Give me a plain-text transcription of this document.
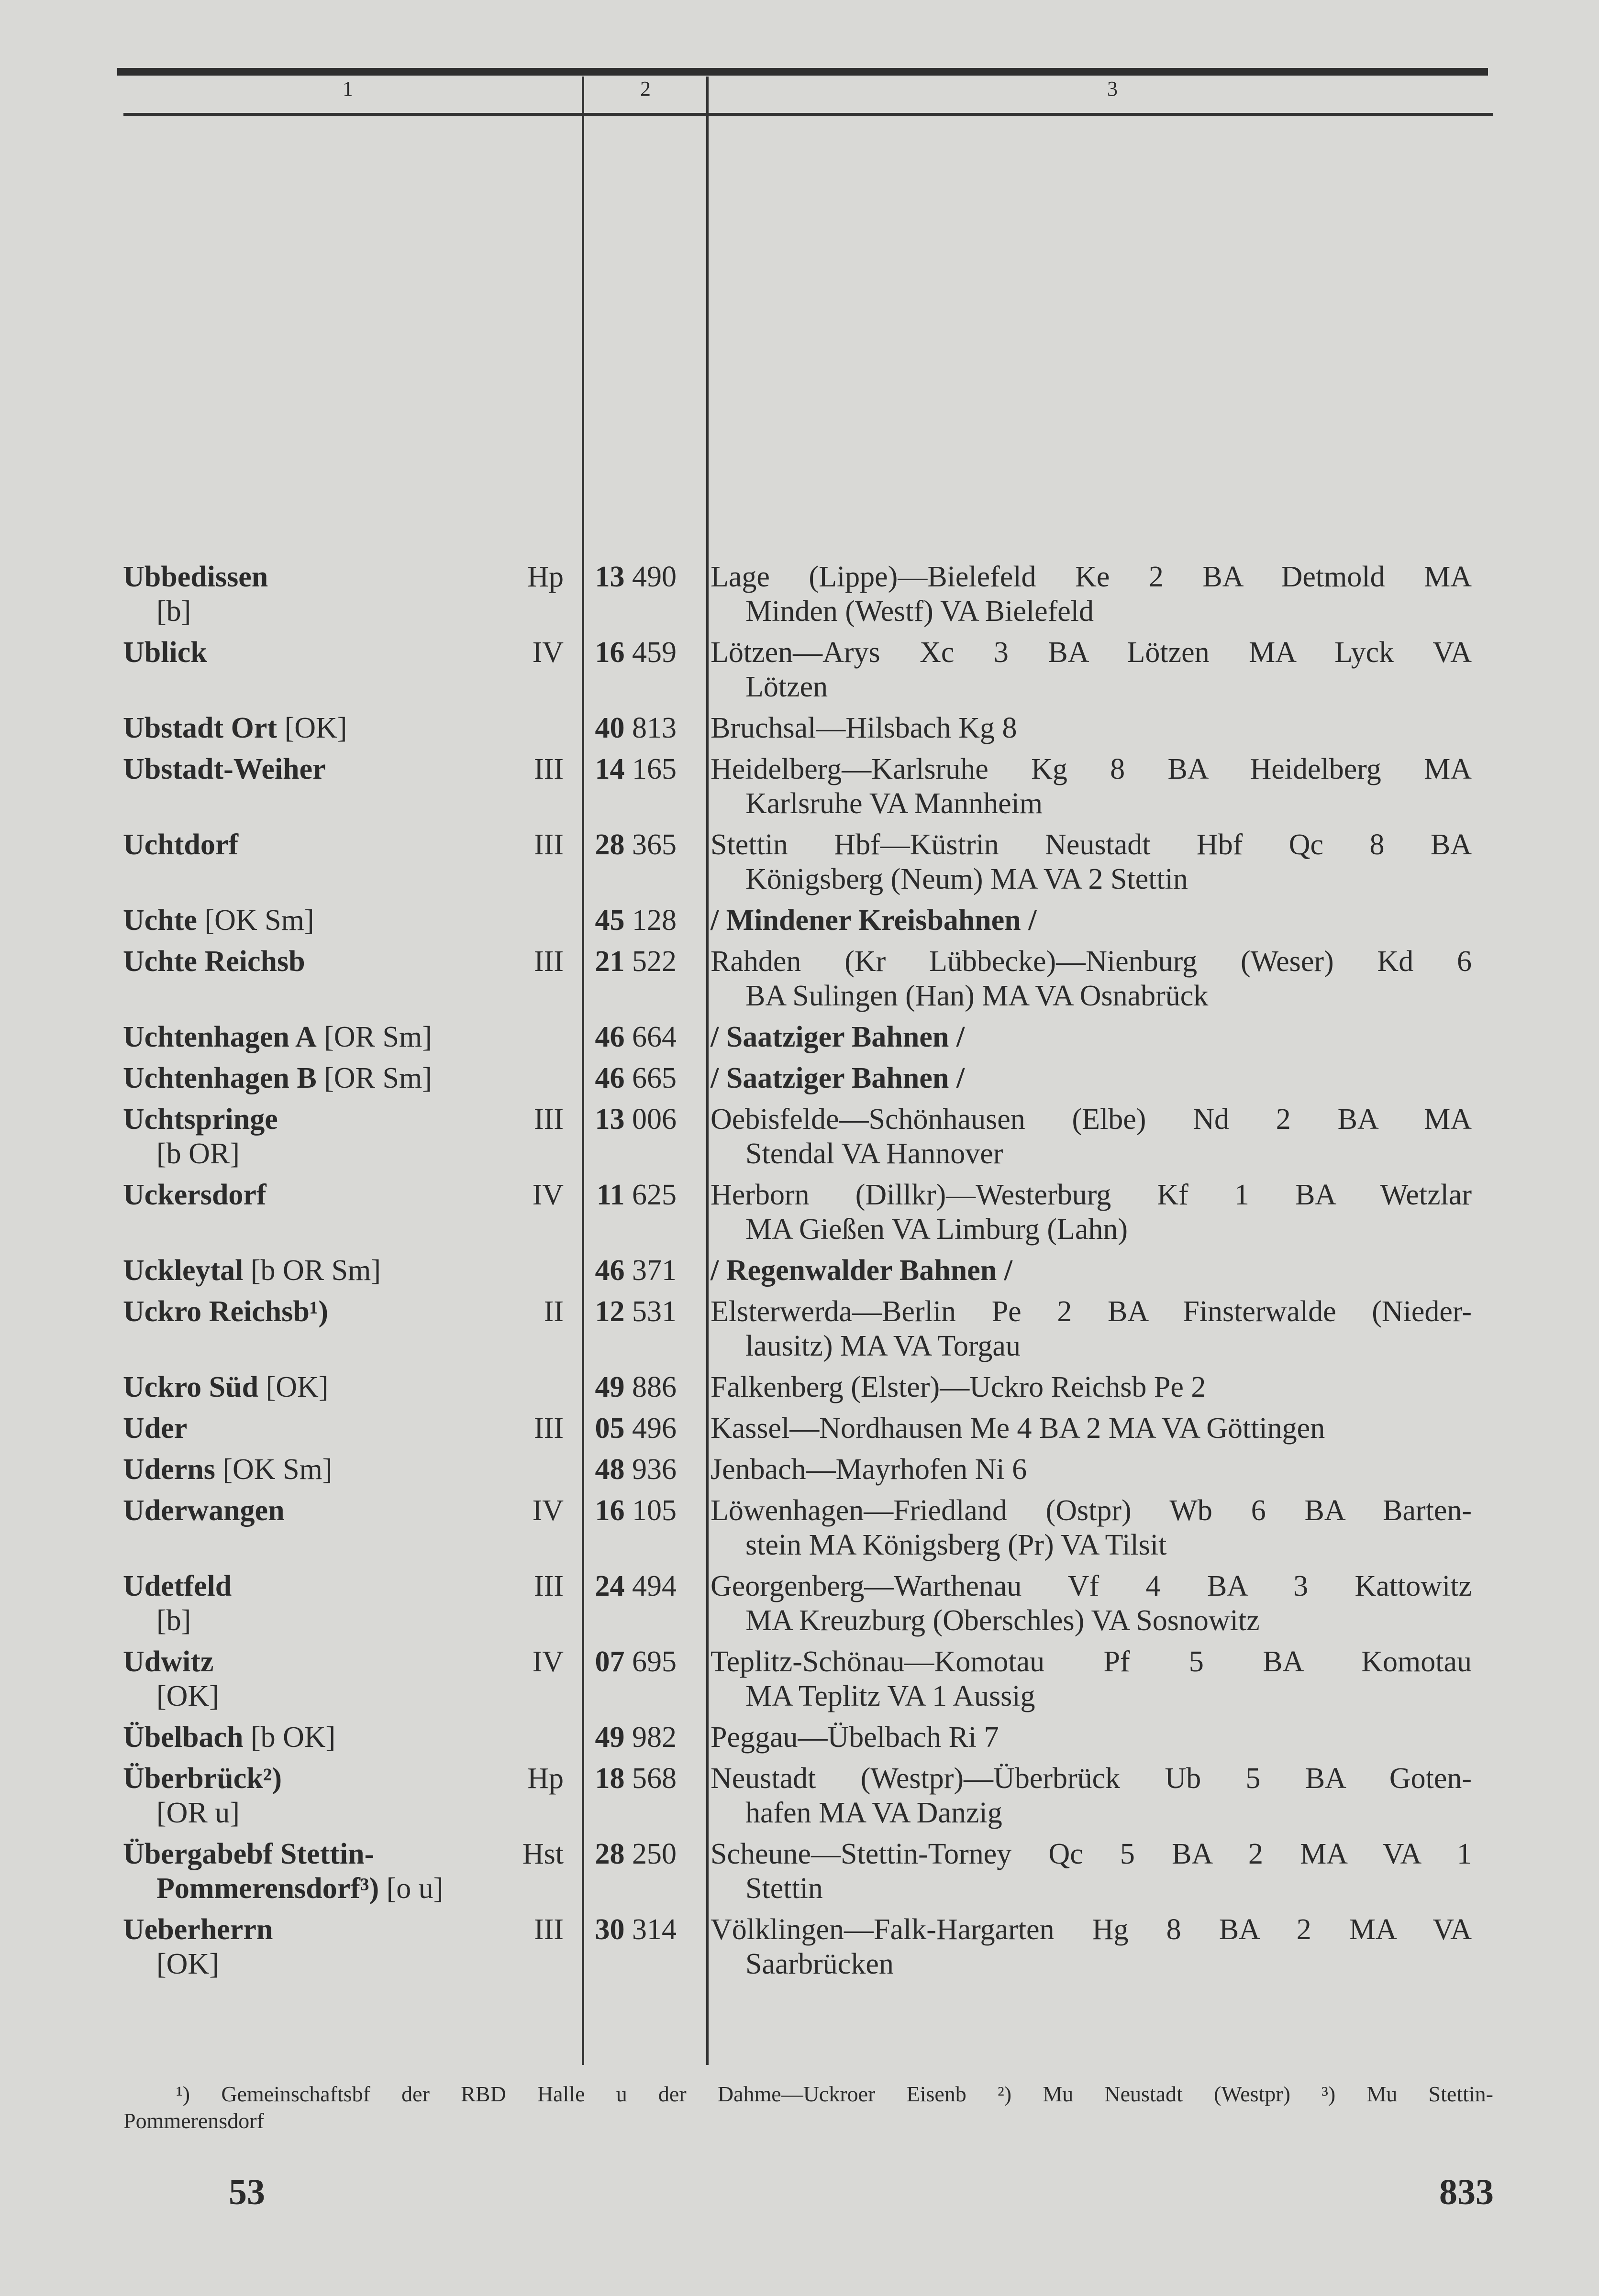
1	2	3
Ubbedissen
[b]
Hp	13 490 Lage (Lippe)—Bielefeld Ke 2 BA Detmold MA
Minden (Westf) VA Bielefeld
Ublick	IV	16 459 Lötzen—Arys Xc 3 BA Lötzen MA Lyck VA
Lötzen
Ubstadt Ort [OK]	40 813 Bruchsal—Hilsbach Kg 8
Ubstadt-Weiher	III	14 165 Heidelberg—Karlsruhe Kg 8 BA Heidelberg MA
Karlsruhe VA Mannheim
Uchtdorf	III	28 365 Stettin Hbf—Küstrin Neustadt Hbf Qc 8 BA
Königsberg (Neum) MA VA 2 Stettin
Uchte [OK Sm]	45 128 / Mindener Kreisbahnen /
Uchte Reichsb	III	21 522 Rahden (Kr Lübbecke)—Nienburg (Weser) Kd 6
BA Sulingen (Han) MA VA Osnabrück
Uchtenhagen A [OR Sm]	46 664 / Saatziger Bahnen /
Uchtenhagen B [OR Sm]	46 665 / Saatziger Bahnen /
Uchtspringe
[b OR]
III	13 006 Oebisfelde—Schönhausen (Elbe) Nd 2 BA MA
Stendal VA Hannover
Uckersdorf	IV	11 625 Herborn (Dillkr)—Westerburg Kf 1 BA Wetzlar
MA Gießen VA Limburg (Lahn)
Uckleytal [b OR Sm]	46 371 / Regenwalder Bahnen /
Uckro Reichsb¹)	II	12 531 Elsterwerda—Berlin Pe 2 BA Finsterwalde (Nieder-
lausitz) MA VA Torgau
Uckro Süd [OK]	49 886 Falkenberg (Elster)—Uckro Reichsb Pe 2
Uder	III	05 496 Kassel—Nordhausen Me 4 BA 2 MA VA Göttingen
Uderns [OK Sm]	48 936 Jenbach—Mayrhofen Ni 6
Uderwangen	IV	16 105 Löwenhagen—Friedland (Ostpr) Wb 6 BA Barten-
stein MA Königsberg (Pr) VA Tilsit
Udetfeld
[b]
III	24 494 Georgenberg—Warthenau Vf 4 BA 3 Kattowitz
MA Kreuzburg (Oberschles) VA Sosnowitz
Udwitz
[OK]
IV	07 695 Teplitz-Schönau—Komotau Pf 5 BA Komotau
MA Teplitz VA 1 Aussig
Übelbach [b OK]	49 982 Peggau—Übelbach Ri 7
Überbrück²)
[OR u]
Hp	18 568 Neustadt (Westpr)—Überbrück Ub 5 BA Goten-
hafen MA VA Danzig
Übergabebf Stettin-
Pommerensdorf³) [o u]
Hst	28 250 Scheune—Stettin-Torney Qc 5 BA 2 MA VA 1
Stettin
Ueberherrn
[OK]
III	30 314 Völklingen—Falk-Hargarten Hg 8 BA 2 MA VA
Saarbrücken
¹) Gemeinschaftsbf der RBD Halle u der Dahme—Uckroer Eisenb ²) Mu Neustadt (Westpr) ³) Mu Stettin-
Pommerensdorf
53	833
